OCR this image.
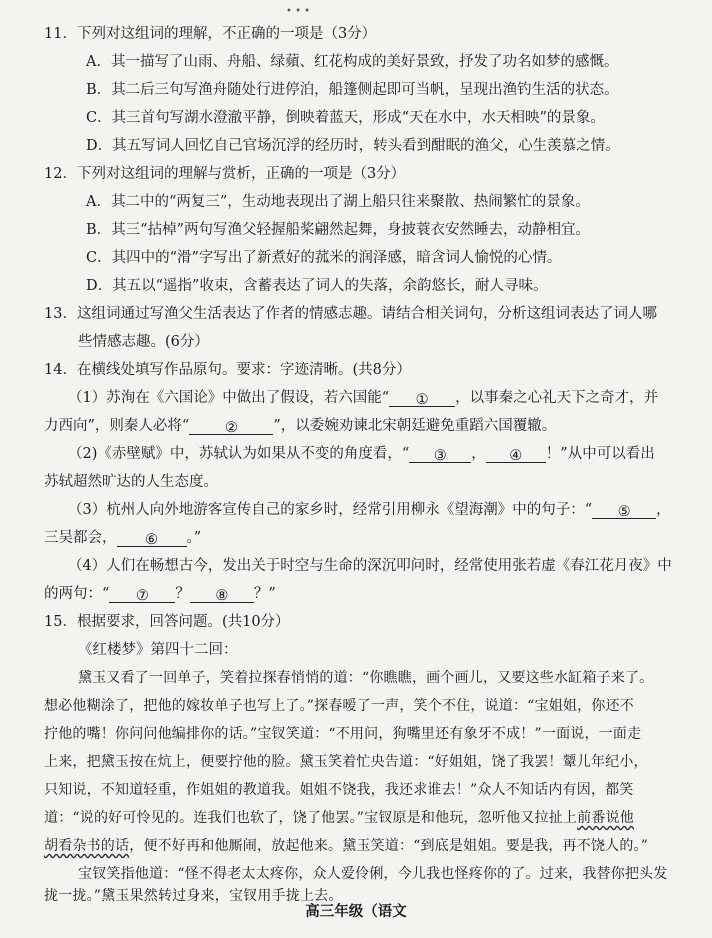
• • •
11．下列对这组词的理解，不正确的一项是（3分）
A．其一描写了山雨、舟船、绿蘋、红花构成的美好景致，抒发了功名如梦的感慨。
B．其二后三句写渔舟随处行进停泊，船篷侧起即可当帆，呈现出渔钓生活的状态。
C．其三首句写湖水澄澈平静，倒映着蓝天，形成“天在水中，水天相映”的景象。
D．其五写词人回忆自己官场沉浮的经历时，转头看到酣眠的渔父，心生羡慕之情。
12．下列对这组词的理解与赏析，正确的一项是（3分）
A．其二中的“两复三”，生动地表现出了湖上船只往来聚散、热闹繁忙的景象。
B．其三“拈棹”两句写渔父轻握船桨翩然起舞，身披蓑衣安然睡去，动静相宜。
C．其四中的“滑”字写出了新煮好的菰米的润泽感，暗含词人愉悦的心情。
D．其五以“遥指”收束，含蓄表达了词人的失落，余韵悠长，耐人寻味。
13．这组词通过写渔父生活表达了作者的情感志趣。请结合相关词句，分析这组词表达了词人哪
些情感志趣。(6分）
14．在横线处填写作品原句。要求：字迹清晰。(共8分）
（1）苏洵在《六国论》中做出了假设，若六国能“ ① ，以事秦之心礼天下之奇才，并
力西向”，则秦人必将“ ② ”，以委婉劝谏北宋朝廷避免重蹈六国覆辙。
（2)《赤壁赋》中，苏轼认为如果从不变的角度看，“ ③ ， ④ ！”从中可以看出
苏轼超然旷达的人生态度。
（3）杭州人向外地游客宣传自己的家乡时，经常引用柳永《望海潮》中的句子：“ ⑤ ，
三吴都会， ⑥ 。”
（4）人们在畅想古今，发出关于时空与生命的深沉叩问时，经常使用张若虚《春江花月夜》中
的两句：“ ⑦ ？ ⑧ ？”
15．根据要求，回答问题。(共10分）
《红楼梦》第四十二回：
黛玉又看了一回单子，笑着拉探春悄悄的道：“你瞧瞧，画个画儿，又要这些水缸箱子来了。
想必他糊涂了，把他的嫁妆单子也写上了。”探春嗳了一声，笑个不住，说道：“宝姐姐，你还不
拧他的嘴！你问问他编排你的话。”宝钗笑道：“不用问，狗嘴里还有象牙不成！”一面说，一面走
上来，把黛玉按在炕上，便要拧他的脸。黛玉笑着忙央告道：“好姐姐，饶了我罢！颦儿年纪小，
只知说，不知道轻重，作姐姐的教道我。姐姐不饶我，我还求谁去！”众人不知话内有因，都笑
道：“说的好可怜见的。连我们也软了，饶了他罢。”宝钗原是和他玩，忽听他又拉扯上前番说他
胡看杂书的话，便不好再和他厮闹，放起他来。黛玉笑道：“到底是姐姐。要是我，再不饶人的。”
宝钗笑指他道：“怪不得老太太疼你，众人爱伶俐，今儿我也怪疼你的了。过来，我替你把头发
拢一拢。”黛玉果然转过身来，宝钗用手拢上去。
高三年级（语文
